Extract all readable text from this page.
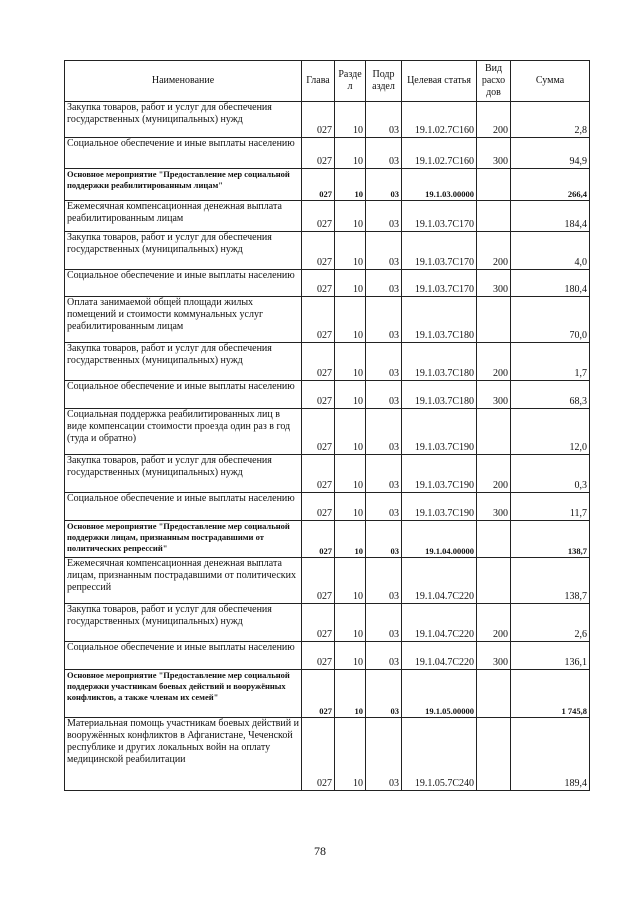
Наименование	Глава	Разде л	Подр аздел	Целевая статья	Вид расхо дов	Сумма
Закупка товаров, работ и услуг для обеспечения государственных (муниципальных) нужд	027	10	03	19.1.02.7С160	200	2,8
Социальное обеспечение и иные выплаты населению	027	10	03	19.1.02.7С160	300	94,9
Основное мероприятие "Предоставление мер социальной поддержки реабилитированным лицам"	027	10	03	19.1.03.00000		266,4
Ежемесячная компенсационная денежная выплата реабилитированным лицам	027	10	03	19.1.03.7С170		184,4
Закупка товаров, работ и услуг для обеспечения государственных (муниципальных) нужд	027	10	03	19.1.03.7С170	200	4,0
Социальное обеспечение и иные выплаты населению	027	10	03	19.1.03.7С170	300	180,4
Оплата занимаемой общей площади жилых помещений и стоимости коммунальных услуг реабилитированным лицам	027	10	03	19.1.03.7С180		70,0
Закупка товаров, работ и услуг для обеспечения государственных (муниципальных) нужд	027	10	03	19.1.03.7С180	200	1,7
Социальное обеспечение и иные выплаты населению	027	10	03	19.1.03.7С180	300	68,3
Социальная поддержка реабилитированных лиц в виде компенсации стоимости проезда один раз в год (туда и обратно)	027	10	03	19.1.03.7С190		12,0
Закупка товаров, работ и услуг для обеспечения государственных (муниципальных) нужд	027	10	03	19.1.03.7С190	200	0,3
Социальное обеспечение и иные выплаты населению	027	10	03	19.1.03.7С190	300	11,7
Основное мероприятие "Предоставление мер социальной поддержки лицам, признанным пострадавшими от политических репрессий"	027	10	03	19.1.04.00000		138,7
Ежемесячная компенсационная денежная выплата лицам, признанным пострадавшими от политических репрессий	027	10	03	19.1.04.7С220		138,7
Закупка товаров, работ и услуг для обеспечения государственных (муниципальных) нужд	027	10	03	19.1.04.7С220	200	2,6
Социальное обеспечение и иные выплаты населению	027	10	03	19.1.04.7С220	300	136,1
Основное мероприятие "Предоставление мер социальной поддержки участникам боевых действий и вооружённых конфликтов, а также членам их семей"	027	10	03	19.1.05.00000		1 745,8
Материальная помощь участникам боевых действий и вооружённых конфликтов в Афганистане, Чеченской республике и других локальных войн на оплату медицинской реабилитации	027	10	03	19.1.05.7С240		189,4
78
